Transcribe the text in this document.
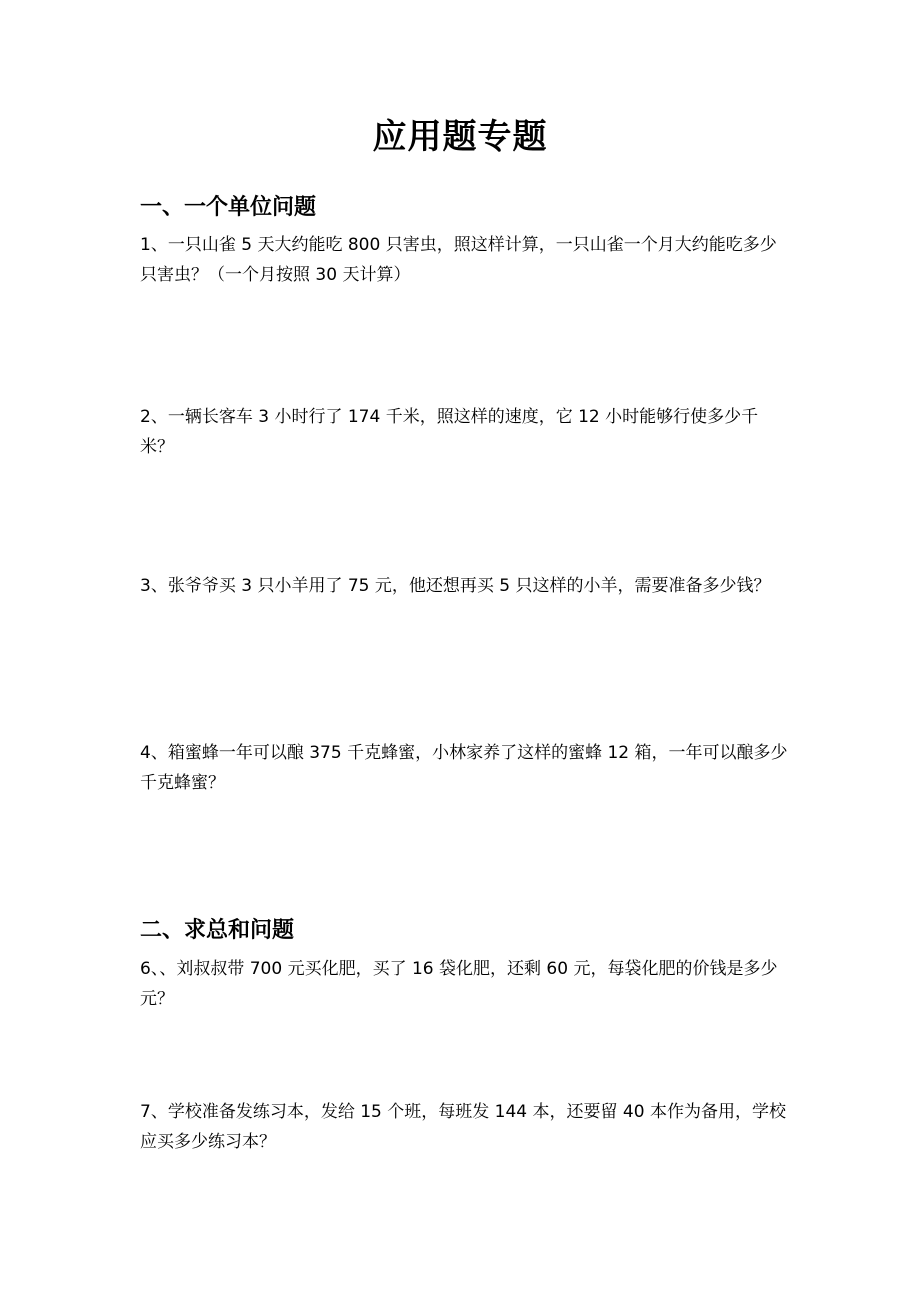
应用题专题
一、一个单位问题

1、一只山雀 5 天大约能吃 800 只害虫，照这样计算，一只山雀一个月大约能吃多少只害虫？（一个月按照 30 天计算）

2、一辆长客车 3 小时行了 174 千米，照这样的速度，它 12 小时能够行使多少千米？

3、张爷爷买 3 只小羊用了 75 元，他还想再买 5 只这样的小羊，需要准备多少钱？

4、箱蜜蜂一年可以酿 375 千克蜂蜜，小林家养了这样的蜜蜂 12 箱，一年可以酿多少千克蜂蜜？

二、求总和问题

6、、刘叔叔带 700 元买化肥，买了 16 袋化肥，还剩 60 元，每袋化肥的价钱是多少元？

7、学校准备发练习本，发给 15 个班，每班发 144 本，还要留 40 本作为备用，学校应买多少练习本？
